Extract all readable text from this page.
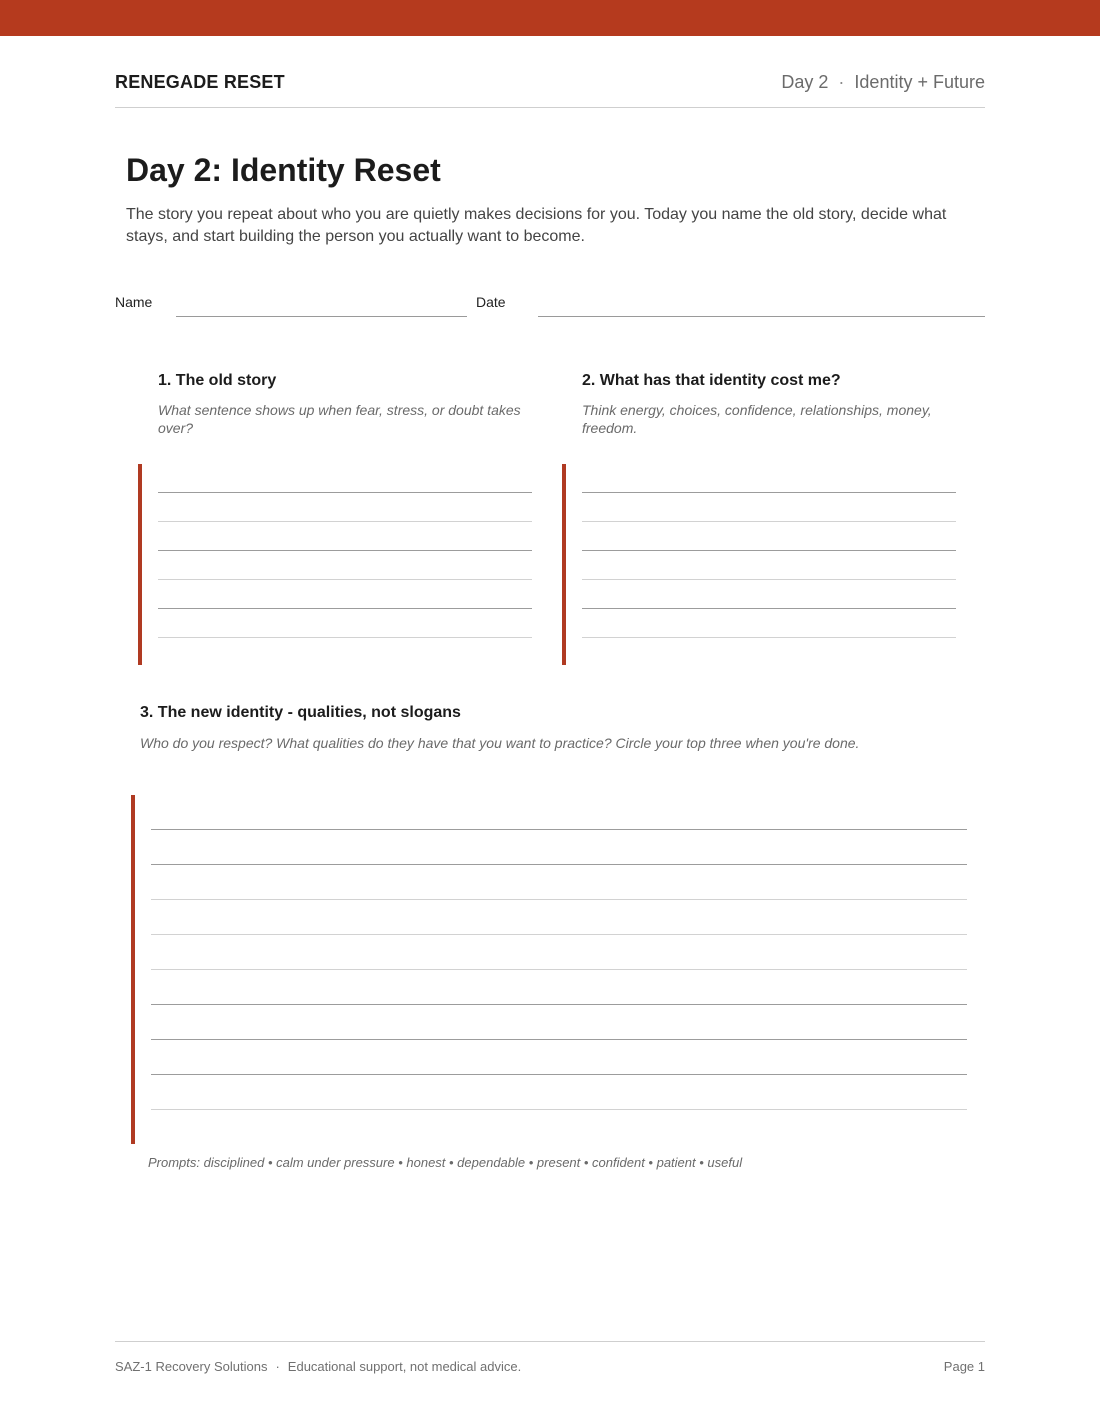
RENEGADE RESET	Day 2 · Identity + Future
Day 2: Identity Reset

The story you repeat about who you are quietly makes decisions for you. Today you name the old story, decide what stays, and start building the person you actually want to become.

Name	Date
1. The old story
What sentence shows up when fear, stress, or doubt takes over?
2. What has that identity cost me?
Think energy, choices, confidence, relationships, money, freedom.
3. The new identity - qualities, not slogans
Who do you respect? What qualities do they have that you want to practice? Circle your top three when you're done.
Prompts: disciplined • calm under pressure • honest • dependable • present • confident • patient • useful
SAZ-1 Recovery Solutions · Educational support, not medical advice.	Page 1
